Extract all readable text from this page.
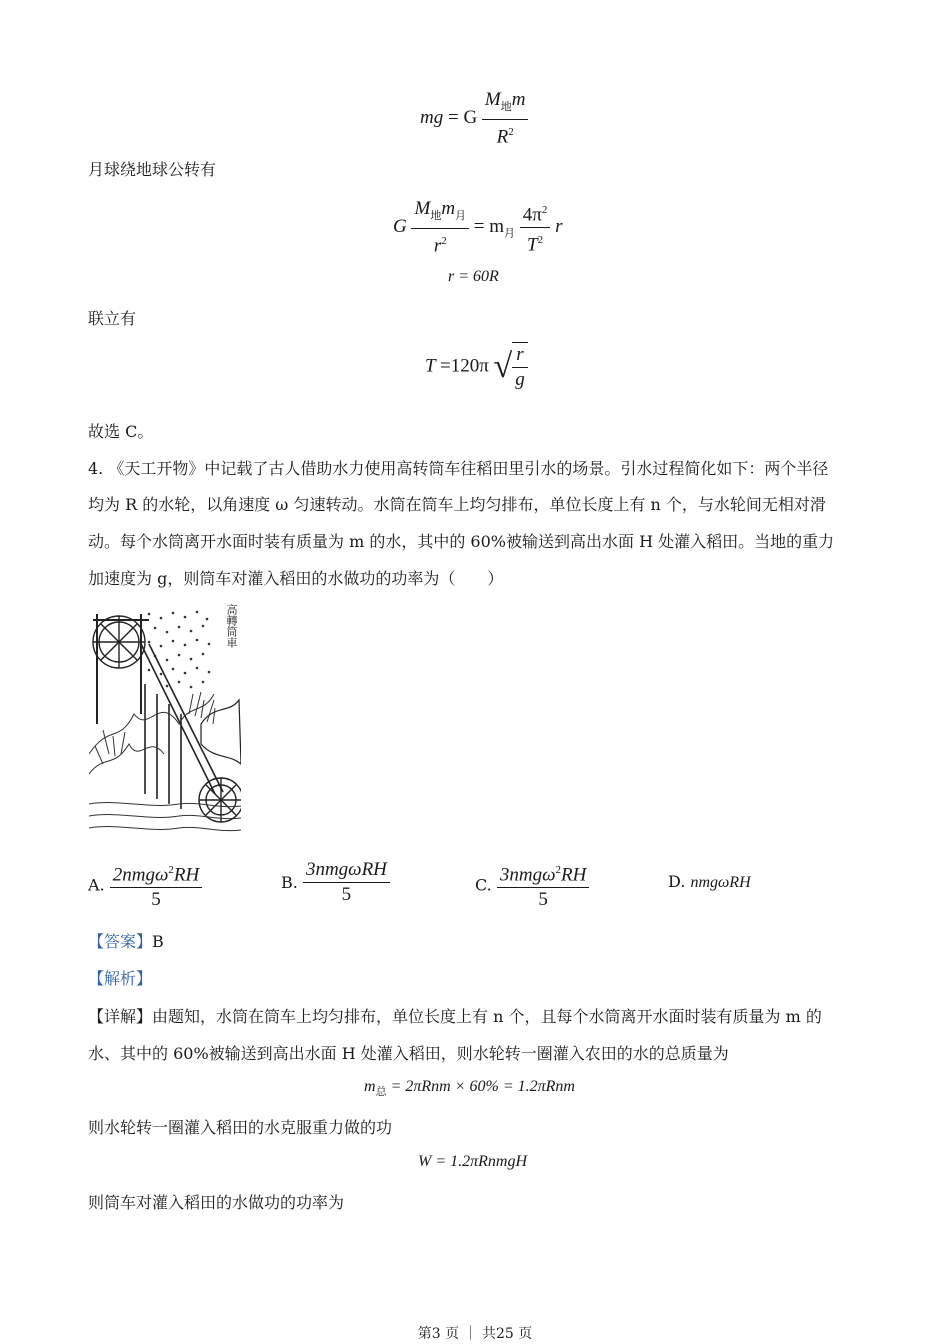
mg = G $\frac{M_地m}{R^2}$
月球绕地球公转有
G $\frac{M_地m_月}{r^2} = m_月 \frac{4\pi^2}{T^2}$ r
r = 60R
联立有
T =120π √ $\frac{r}{g}$
故选 C。
4. 《天工开物》中记载了古人借助水力使用高转筒车往稻田里引水的场景。引水过程简化如下：两个半径
均为 R 的水轮，以角速度 ω 匀速转动。水筒在筒车上均匀排布，单位长度上有 n 个，与水轮间无相对滑
动。每个水筒离开水面时装有质量为 m 的水，其中的 60%被输送到高出水面 H 处灌入稻田。当地的重力
加速度为 g，则筒车对灌入稻田的水做功的功率为（　　）
高轉筒車
A. $\frac{2nmg\omega^2RH}{5}$	B. $\frac{\text{3nmgωRH}}{5}$	C. $\frac{3nmg\omega^2RH}{5}$	D. nmgωRH
【答案】B
【解析】
【详解】由题知，水筒在筒车上均匀排布，单位长度上有 n 个，且每个水筒离开水面时装有质量为 m 的
水、其中的 60%被输送到高出水面 H 处灌入稻田，则水轮转一圈灌入农田的水的总质量为
$m_总 = 2\pi Rnm \times 60\% = 1.2\pi Rnm$
则水轮转一圈灌入稻田的水克服重力做的功
W = 1.2πRnmgH
则筒车对灌入稻田的水做功的功率为
第3 页 ｜ 共25 页
